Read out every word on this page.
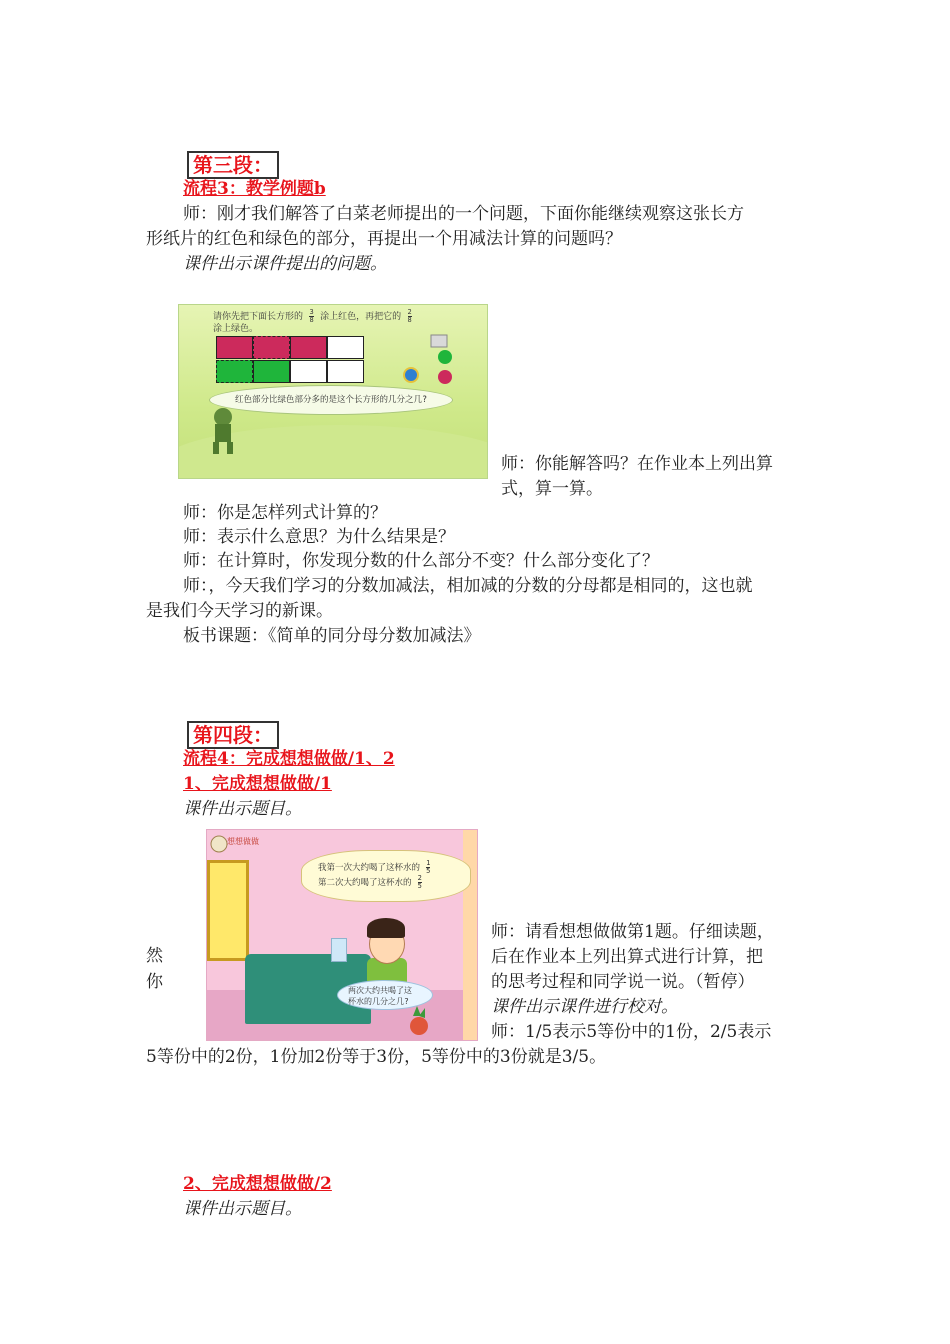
第三段：
流程3：教学例题b
师：刚才我们解答了白菜老师提出的一个问题，下面你能继续观察这张长方
形纸片的红色和绿色的部分，再提出一个用减法计算的问题吗？
课件出示课件提出的问题。
请你先把下面长方形的 $\frac{3}{8}$ 涂上红色，再把它的 $\frac{2}{8}$

涂上绿色。
红色部分比绿色部分多的是这个长方形的几分之几?
师：你能解答吗？在作业本上列出算
式，算一算。
师：你是怎样列式计算的？
师：表示什么意思？为什么结果是？
师：在计算时，你发现分数的什么部分不变？什么部分变化了？
师：，今天我们学习的分数加减法，相加减的分数的分母都是相同的，这也就
是我们今天学习的新课。
板书课题：《简单的同分母分数加减法》
第四段：
流程4：完成想想做做/1、2
1、完成想想做做/1
课件出示题目。
想想做做
我第一次大约喝了这杯水的 $\frac{1}{5}$

第二次大约喝了这杯水的 $\frac{2}{5}$
两次大约共喝了这
杯水的几分之几?
然
你
师：请看想想做做第1题。仔细读题，
后在作业本上列出算式进行计算，把
的思考过程和同学说一说。（暂停）
课件出示课件进行校对。
师：1/5表示5等份中的1份，2/5表示
5等份中的2份，1份加2份等于3份，5等份中的3份就是3/5。
2、完成想想做做/2
课件出示题目。
